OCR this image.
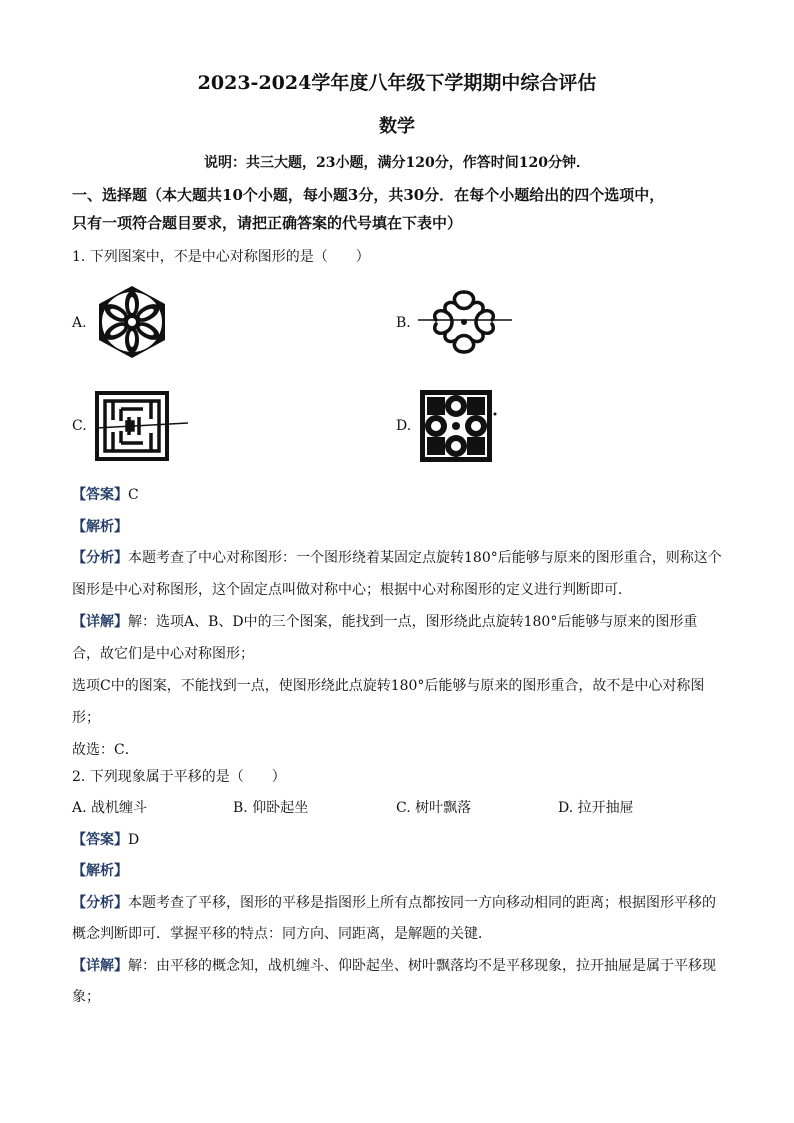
2023-2024学年度八年级下学期期中综合评估
数学
说明：共三大题，23小题，满分120分，作答时间120分钟．
一、选择题（本大题共10个小题，每小题3分，共30分．在每个小题给出的四个选项中，
只有一项符合题目要求，请把正确答案的代号填在下表中）
1. 下列图案中，不是中心对称图形的是（　　）
A.	B.
C.	D.
【答案】C
【解析】
【分析】本题考查了中心对称图形：一个图形绕着某固定点旋转180°后能够与原来的图形重合，则称这个
图形是中心对称图形，这个固定点叫做对称中心；根据中心对称图形的定义进行判断即可．
【详解】解：选项A、B、D中的三个图案，能找到一点，图形绕此点旋转180°后能够与原来的图形重
合，故它们是中心对称图形；
选项C中的图案，不能找到一点，使图形绕此点旋转180°后能够与原来的图形重合，故不是中心对称图
形；
故选：C．
2. 下列现象属于平移的是（　　）
A. 战机缠斗	B. 仰卧起坐	C. 树叶飘落	D. 拉开抽屉
【答案】D
【解析】
【分析】本题考查了平移，图形的平移是指图形上所有点都按同一方向移动相同的距离；根据图形平移的
概念判断即可．掌握平移的特点：同方向、同距离，是解题的关键．
【详解】解：由平移的概念知，战机缠斗、仰卧起坐、树叶飘落均不是平移现象，拉开抽屉是属于平移现
象；
